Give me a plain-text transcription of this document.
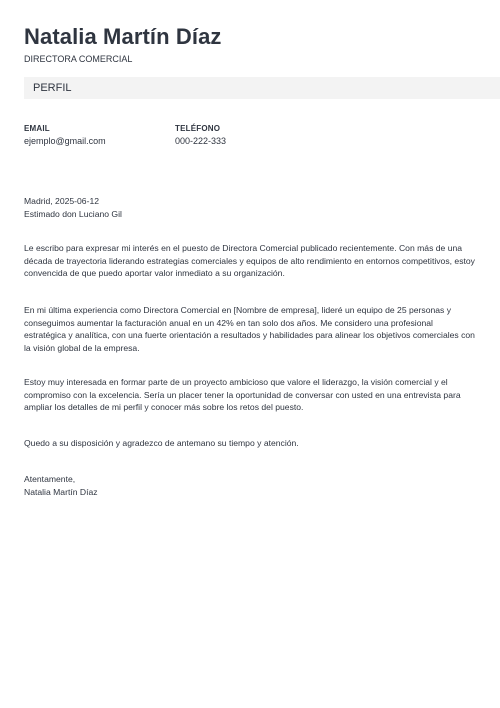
Natalia Martín Díaz
DIRECTORA COMERCIAL
PERFIL
EMAIL
ejemplo@gmail.com
TELÉFONO
000-222-333

Madrid, 2025-06-12

Estimado don Luciano Gil

Le escribo para expresar mi interés en el puesto de Directora Comercial publicado recientemente. Con más de una década de trayectoria liderando estrategias comerciales y equipos de alto rendimiento en entornos competitivos, estoy convencida de que puedo aportar valor inmediato a su organización.

En mi última experiencia como Directora Comercial en [Nombre de empresa], lideré un equipo de 25 personas y conseguimos aumentar la facturación anual en un 42% en tan solo dos años. Me considero una profesional estratégica y analítica, con una fuerte orientación a resultados y habilidades para alinear los objetivos comerciales con la visión global de la empresa.

Estoy muy interesada en formar parte de un proyecto ambicioso que valore el liderazgo, la visión comercial y el compromiso con la excelencia. Sería un placer tener la oportunidad de conversar con usted en una entrevista para ampliar los detalles de mi perfil y conocer más sobre los retos del puesto.

Quedo a su disposición y agradezco de antemano su tiempo y atención.

Atentamente,

Natalia Martín Díaz
